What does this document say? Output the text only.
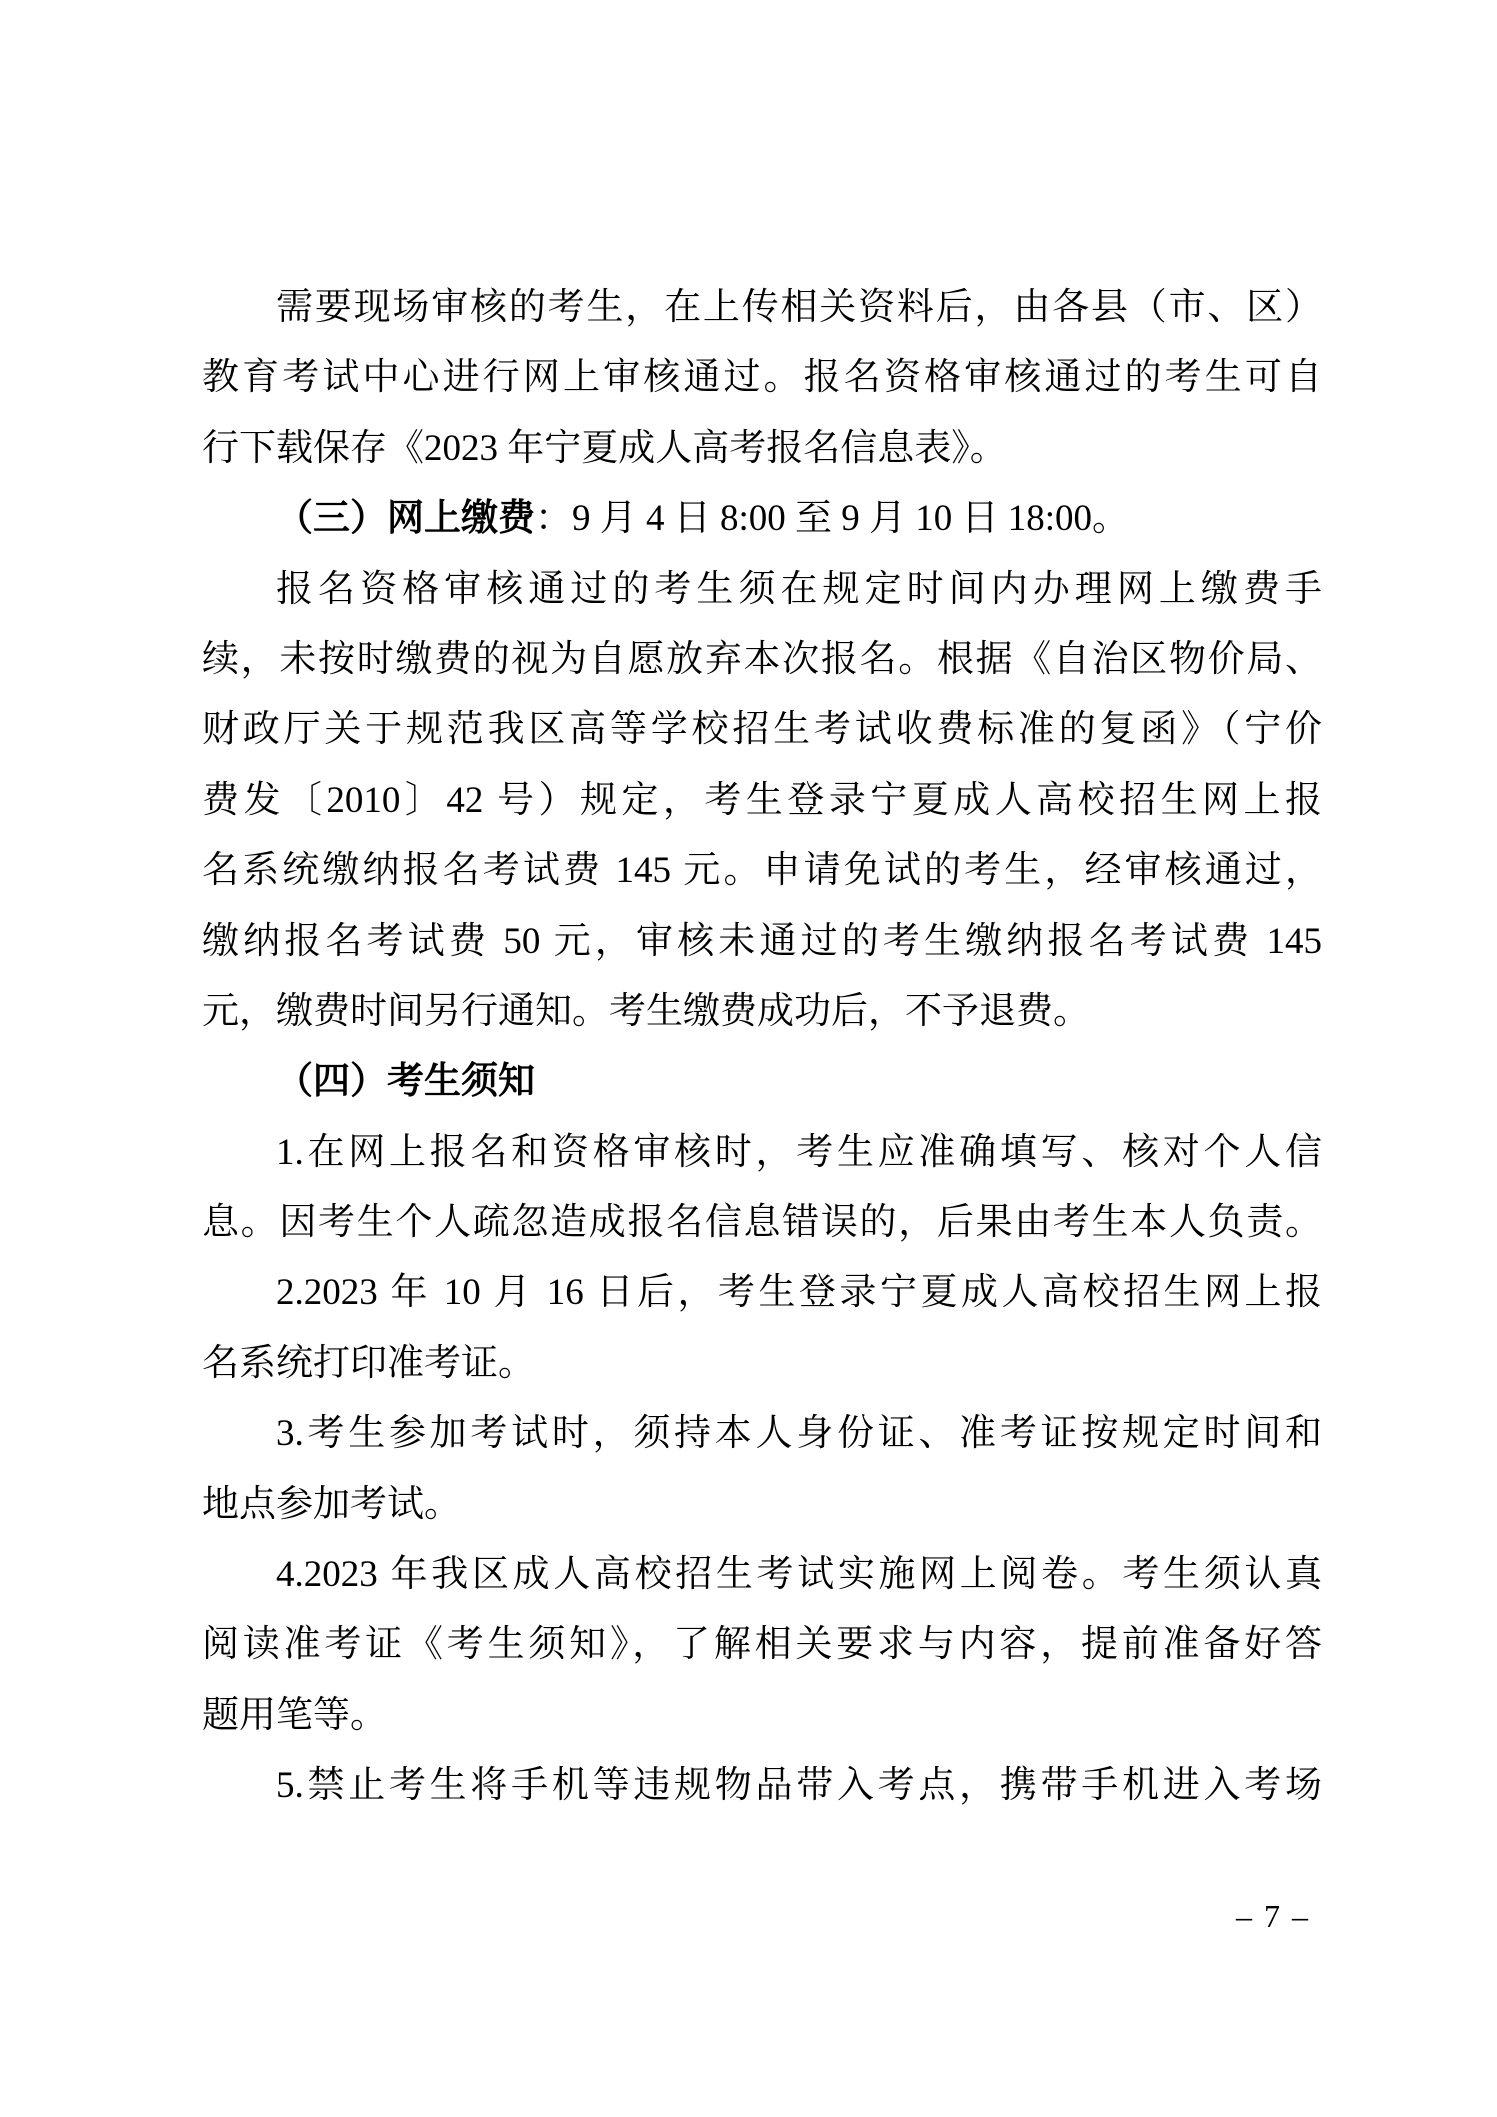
需要现场审核的考生，在上传相关资料后，由各县（市、区）
教育考试中心进行网上审核通过。报名资格审核通过的考生可自
行下载保存《2023 年宁夏成人高考报名信息表》。
（三）网上缴费：9 月 4 日 8:00 至 9 月 10 日 18:00。
报名资格审核通过的考生须在规定时间内办理网上缴费手
续，未按时缴费的视为自愿放弃本次报名。根据《自治区物价局、
财政厅关于规范我区高等学校招生考试收费标准的复函》（宁价
费发〔2010〕42 号）规定，考生登录宁夏成人高校招生网上报
名系统缴纳报名考试费 145 元。申请免试的考生，经审核通过，
缴纳报名考试费 50 元，审核未通过的考生缴纳报名考试费 145
元，缴费时间另行通知。考生缴费成功后，不予退费。
（四）考生须知
1.在网上报名和资格审核时，考生应准确填写、核对个人信
息。因考生个人疏忽造成报名信息错误的，后果由考生本人负责。
2.2023 年 10 月 16 日后，考生登录宁夏成人高校招生网上报
名系统打印准考证。
3.考生参加考试时，须持本人身份证、准考证按规定时间和
地点参加考试。
4.2023 年我区成人高校招生考试实施网上阅卷。考生须认真
阅读准考证《考生须知》，了解相关要求与内容，提前准备好答
题用笔等。
5.禁止考生将手机等违规物品带入考点，携带手机进入考场
– 7 –
